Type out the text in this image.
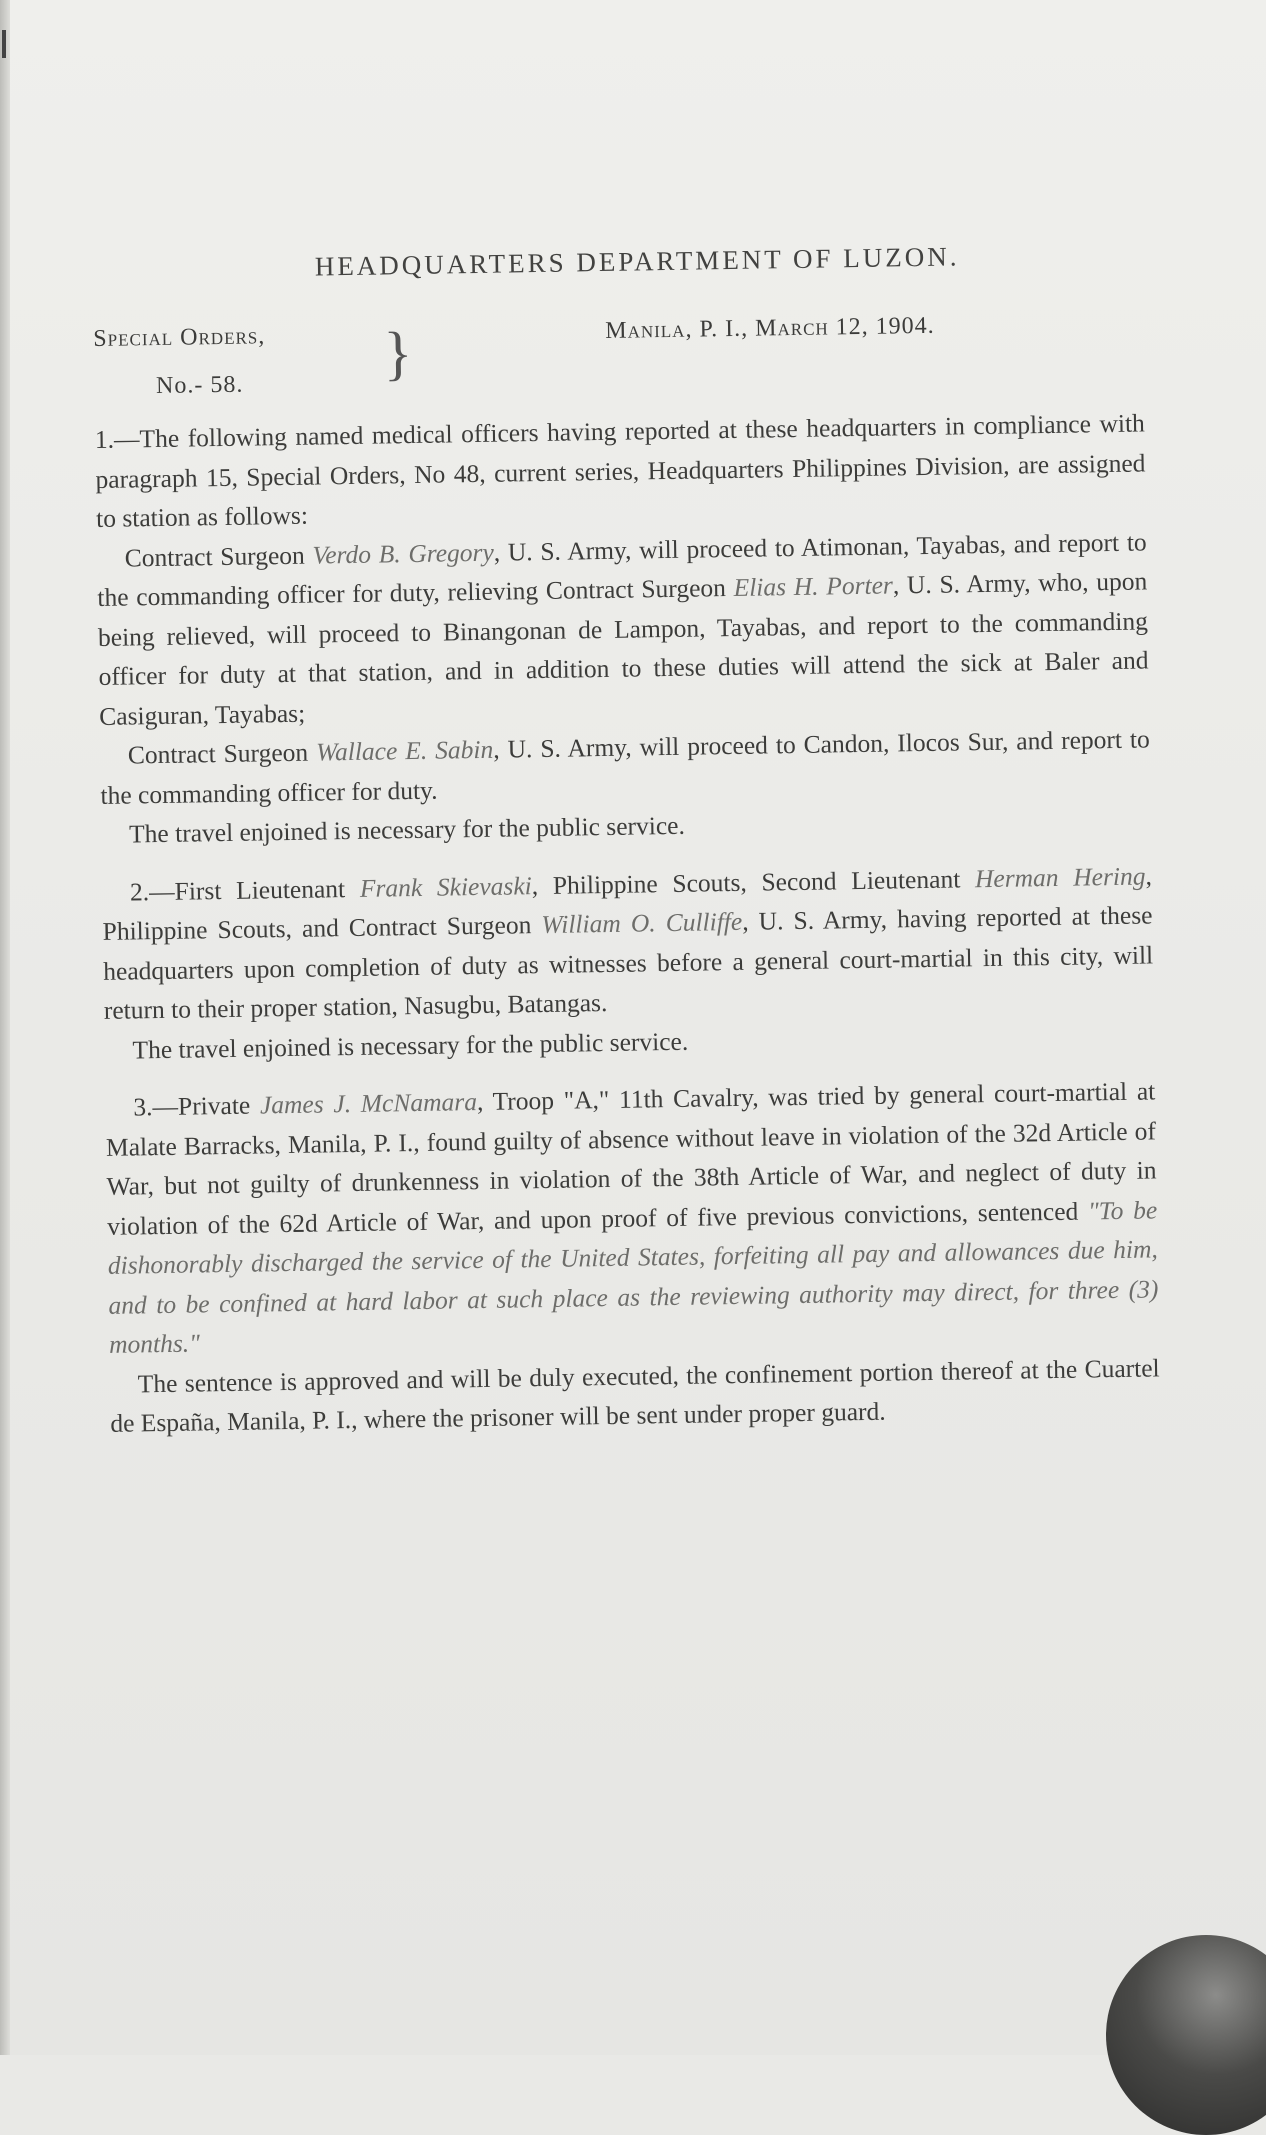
HEADQUARTERS DEPARTMENT OF LUZON.
Special Orders,
No.- 58. }	Manila, P. I., March 12, 1904.

1.—The following named medical officers having reported at these headquarters in compliance with paragraph 15, Special Orders, No 48, current series, Headquarters Philippines Division, are assigned to station as follows:

Contract Surgeon Verdo B. Gregory, U. S. Army, will proceed to Atimonan, Tayabas, and report to the commanding officer for duty, relieving Contract Surgeon Elias H. Porter, U. S. Army, who, upon being relieved, will proceed to Binangonan de Lampon, Tayabas, and report to the commanding officer for duty at that station, and in addition to these duties will attend the sick at Baler and Casiguran, Tayabas;

Contract Surgeon Wallace E. Sabin, U. S. Army, will proceed to Candon, Ilocos Sur, and report to the commanding officer for duty.

The travel enjoined is necessary for the public service.

2.—First Lieutenant Frank Skievaski, Philippine Scouts, Second Lieutenant Herman Hering, Philippine Scouts, and Contract Surgeon William O. Culliffe, U. S. Army, having reported at these headquarters upon completion of duty as witnesses before a general court-martial in this city, will return to their proper station, Nasugbu, Batangas.

The travel enjoined is necessary for the public service.

3.—Private James J. McNamara, Troop "A," 11th Cavalry, was tried by general court-martial at Malate Barracks, Manila, P. I., found guilty of absence without leave in violation of the 32d Article of War, but not guilty of drunkenness in violation of the 38th Article of War, and neglect of duty in violation of the 62d Article of War, and upon proof of five previous convictions, sentenced "To be dishonorably discharged the service of the United States, forfeiting all pay and allowances due him, and to be confined at hard labor at such place as the reviewing authority may direct, for three (3) months."

The sentence is approved and will be duly executed, the confinement portion thereof at the Cuartel de España, Manila, P. I., where the prisoner will be sent under proper guard.
